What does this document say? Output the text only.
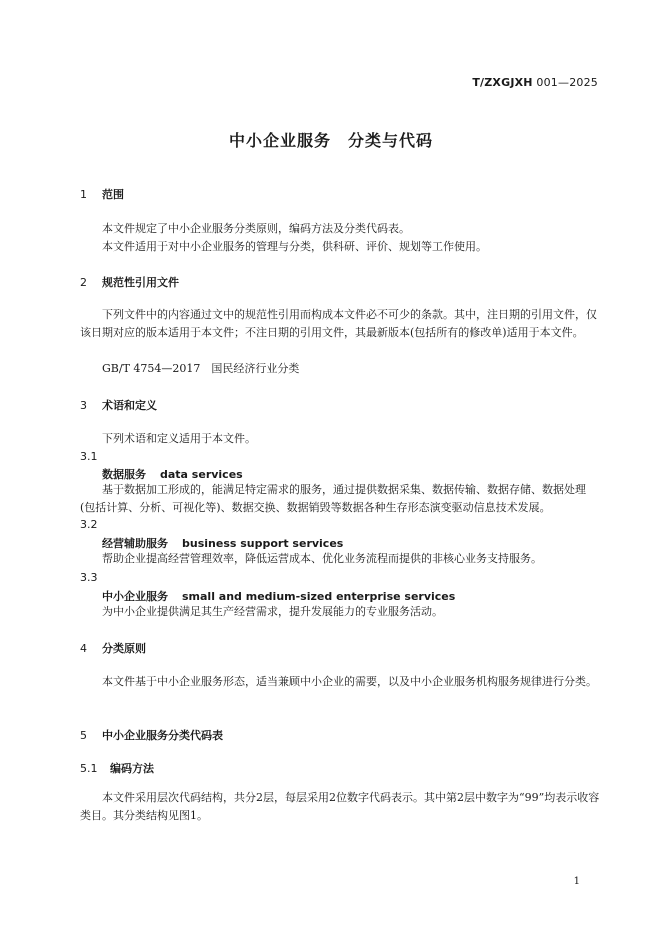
T/ZXGJXH 001—2025
中小企业服务　分类与代码
1 范围
本文件规定了中小企业服务分类原则，编码方法及分类代码表。
本文件适用于对中小企业服务的管理与分类，供科研、评价、规划等工作使用。
2 规范性引用文件
下列文件中的内容通过文中的规范性引用而构成本文件必不可少的条款。其中，注日期的引用文件，仅该日期对应的版本适用于本文件；不注日期的引用文件，其最新版本(包括所有的修改单)适用于本文件。
GB/T 4754—2017　国民经济行业分类
3 术语和定义
下列术语和定义适用于本文件。
3.1
数据服务 data services
基于数据加工形成的，能满足特定需求的服务，通过提供数据采集、数据传输、数据存储、数据处理(包括计算、分析、可视化等)、数据交换、数据销毁等数据各种生存形态演变驱动信息技术发展。
3.2
经营辅助服务 business support services
帮助企业提高经营管理效率，降低运营成本、优化业务流程而提供的非核心业务支持服务。
3.3
中小企业服务 small and medium-sized enterprise services
为中小企业提供满足其生产经营需求，提升发展能力的专业服务活动。
4 分类原则
本文件基于中小企业服务形态，适当兼顾中小企业的需要，以及中小企业服务机构服务规律进行分类。
5 中小企业服务分类代码表
5.1 编码方法
本文件采用层次代码结构，共分2层，每层采用2位数字代码表示。其中第2层中数字为“99”均表示收容类目。其分类结构见图1。
1
